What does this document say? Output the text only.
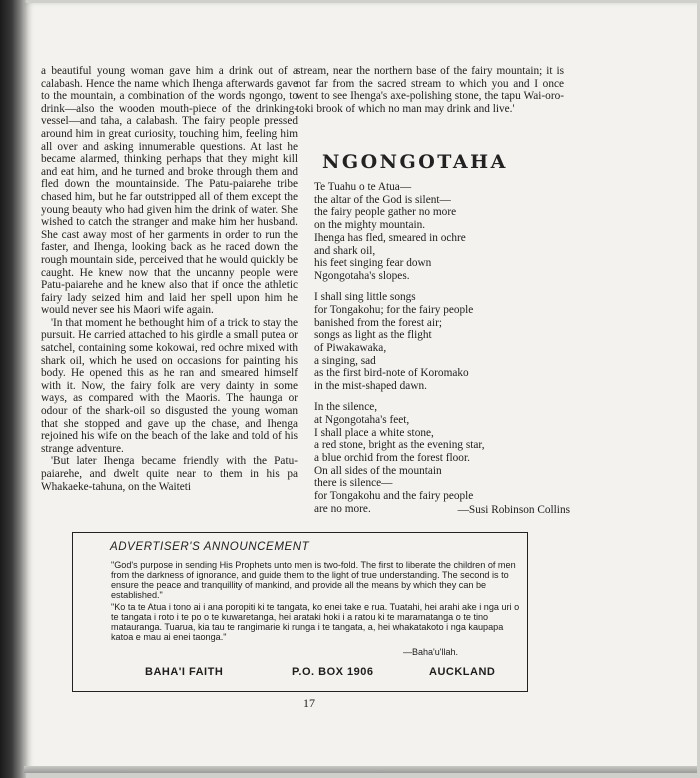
a beautiful young woman gave him a drink out of a calabash. Hence the name which Ihenga afterwards gave to the mountain, a combination of the words ngongo, to drink—also the wooden mouth-piece of the drinking-vessel—and taha, a calabash. The fairy people pressed around him in great curiosity, touching him, feeling him all over and asking innumerable questions. At last he became alarmed, thinking perhaps that they might kill and eat him, and he turned and broke through them and fled down the mountainside. The Patu-paiarehe tribe chased him, but he far outstripped all of them except the young beauty who had given him the drink of water. She wished to catch the stranger and make him her husband. She cast away most of her garments in order to run the faster, and Ihenga, looking back as he raced down the rough mountain side, perceived that he would quickly be caught. He knew now that the uncanny people were Patu-paiarehe and he knew also that if once the athletic fairy lady seized him and laid her spell upon him he would never see his Maori wife again.

'In that moment he bethought him of a trick to stay the pursuit. He carried attached to his girdle a small putea or satchel, containing some kokowai, red ochre mixed with shark oil, which he used on occasions for painting his body. He opened this as he ran and smeared himself with it. Now, the fairy folk are very dainty in some ways, as compared with the Maoris. The haunga or odour of the shark-oil so disgusted the young woman that she stopped and gave up the chase, and Ihenga rejoined his wife on the beach of the lake and told of his strange adventure.

'But later Ihenga became friendly with the Patu-paiarehe, and dwelt quite near to them in his pa Whakaeke-tahuna, on the Waiteti

stream, near the northern base of the fairy mountain; it is not far from the sacred stream to which you and I once went to see Ihenga's axe-polishing stone, the tapu Wai-oro-toki brook of which no man may drink and live.'

NGONGOTAHA
Te Tuahu o te Atua—
the altar of the God is silent—
the fairy people gather no more
on the mighty mountain.
Ihenga has fled, smeared in ochre
and shark oil,
his feet singing fear down
Ngongotaha's slopes.
I shall sing little songs
for Tongakohu; for the fairy people
banished from the forest air;
songs as light as the flight
of Piwakawaka,
a singing, sad
as the first bird-note of Koromako
in the mist-shaped dawn.
In the silence,
at Ngongotaha's feet,
I shall place a white stone,
a red stone, bright as the evening star,
a blue orchid from the forest floor.
On all sides of the mountain
there is silence—
for Tongakohu and the fairy people
are no more.	—Susi Robinson Collins
ADVERTISER'S ANNOUNCEMENT
"God's purpose in sending His Prophets unto men is two-fold. The first to liberate the children of men from the darkness of ignorance, and guide them to the light of true understanding. The second is to ensure the peace and tranquillity of mankind, and provide all the means by which they can be established."
"Ko ta te Atua i tono ai i ana poropiti ki te tangata, ko enei take e rua. Tuatahi, hei arahi ake i nga uri o te tangata i roto i te po o te kuwaretanga, hei arataki hoki i a ratou ki te maramatanga o te tino matauranga. Tuarua, kia tau te rangimarie ki runga i te tangata, a, hei whakatakoto i nga kaupapa katoa e mau ai enei taonga."
—Baha'u'llah.
BAHA'I FAITH	P.O. BOX 1906	AUCKLAND
17
